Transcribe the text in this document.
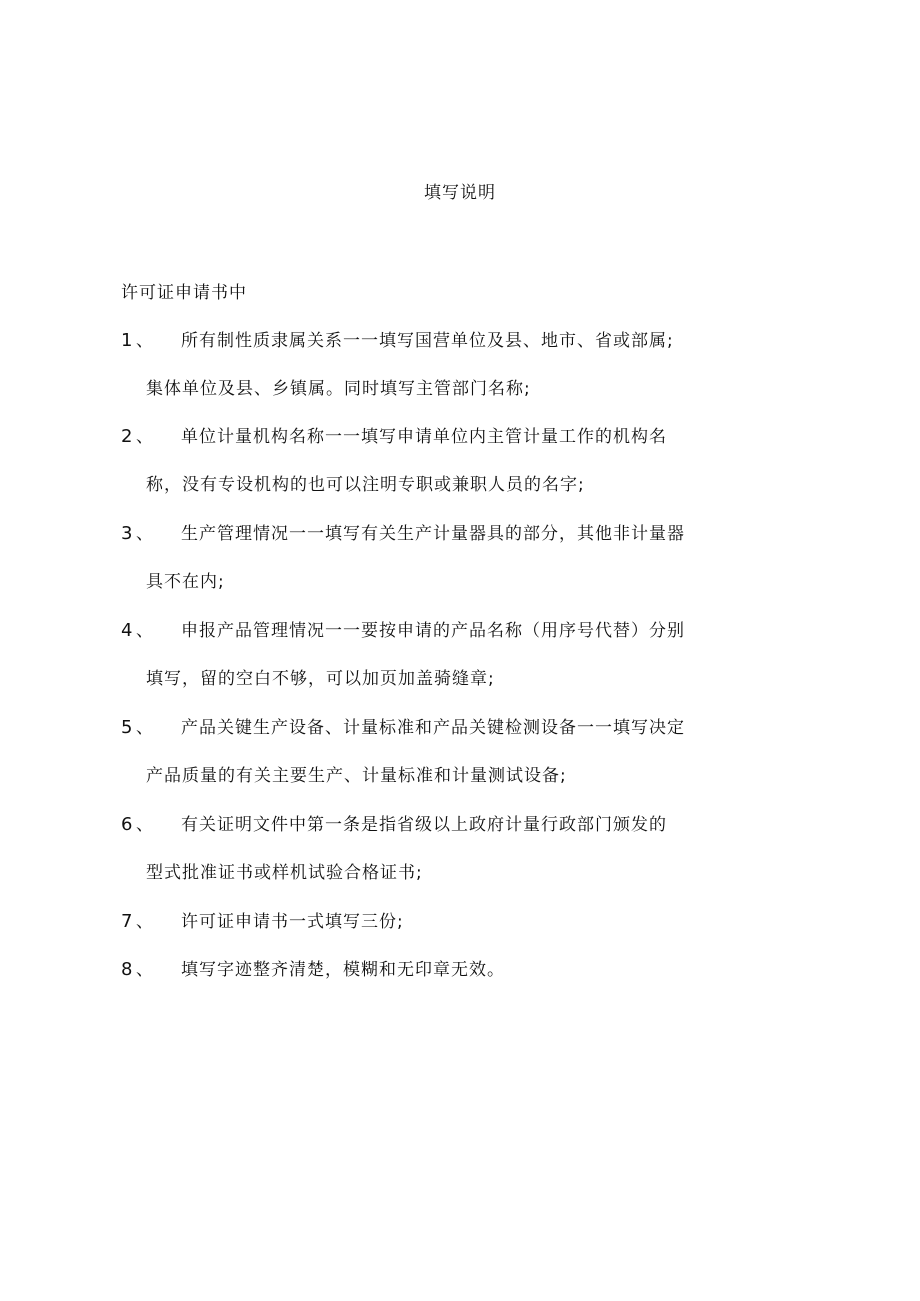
填写说明
许可证申请书中
1 、 所有制性质隶属关系一一填写国营单位及县、地市、省或部属;
集体单位及县、乡镇属。同时填写主管部门名称;
2 、 单位计量机构名称一一填写申请单位内主管计量工作的机构名
称，没有专设机构的也可以注明专职或兼职人员的名字;
3 、 生产管理情况一一填写有关生产计量器具的部分，其他非计量器
具不在内;
4 、 申报产品管理情况一一要按申请的产品名称（用序号代替）分别
填写，留的空白不够，可以加页加盖骑缝章;
5 、 产品关键生产设备、计量标准和产品关键检测设备一一填写决定
产品质量的有关主要生产、计量标准和计量测试设备;
6 、 有关证明文件中第一条是指省级以上政府计量行政部门颁发的
型式批准证书或样机试验合格证书;
7 、 许可证申请书一式填写三份;
8 、 填写字迹整齐清楚，模糊和无印章无效。
